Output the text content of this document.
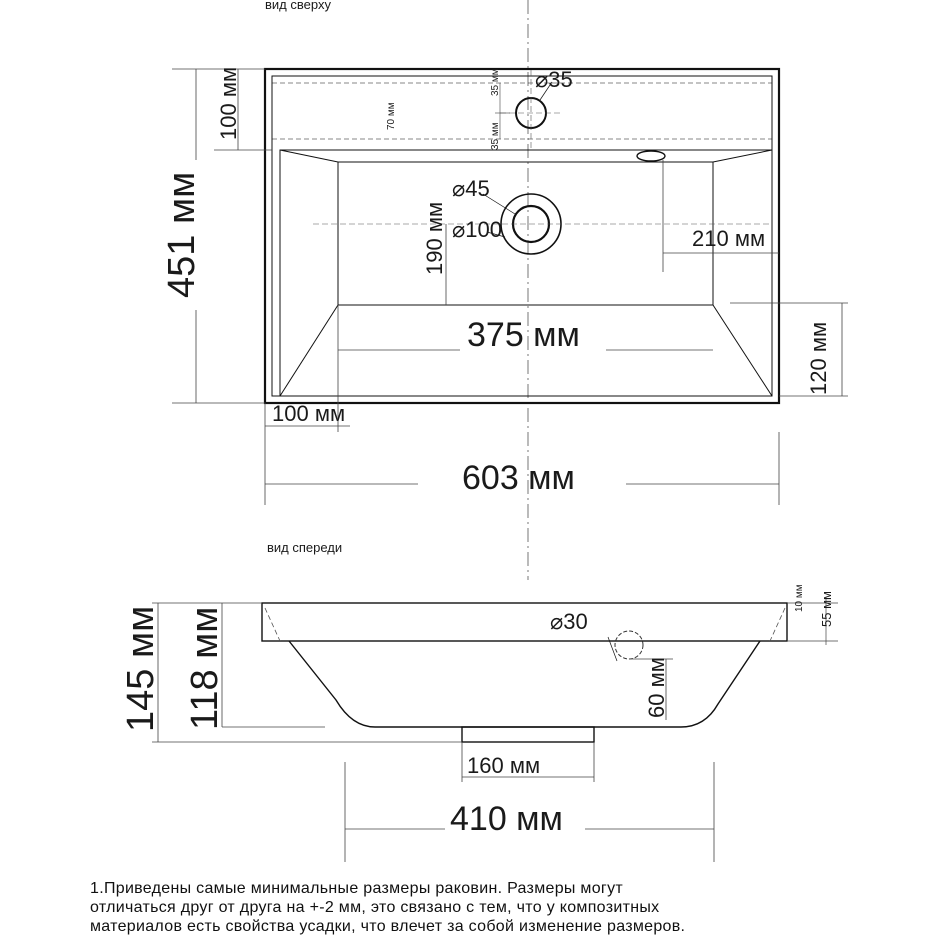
вид сверху
⌀35
⌀45
⌀100
451 мм
100 мм	35 мм
35 мм
70 мм
190 мм	210 мм
375 мм	120 мм
100 мм
603 мм
вид спереди
⌀30
60 мм
10 мм 55 мм
145 мм 118 мм
160 мм
410 мм
1.Приведены самые минимальные размеры раковин. Размеры могут
отличаться друг от друга на +-2 мм, это связано с тем, что у композитных
материалов есть свойства усадки, что влечет за собой изменение размеров.
